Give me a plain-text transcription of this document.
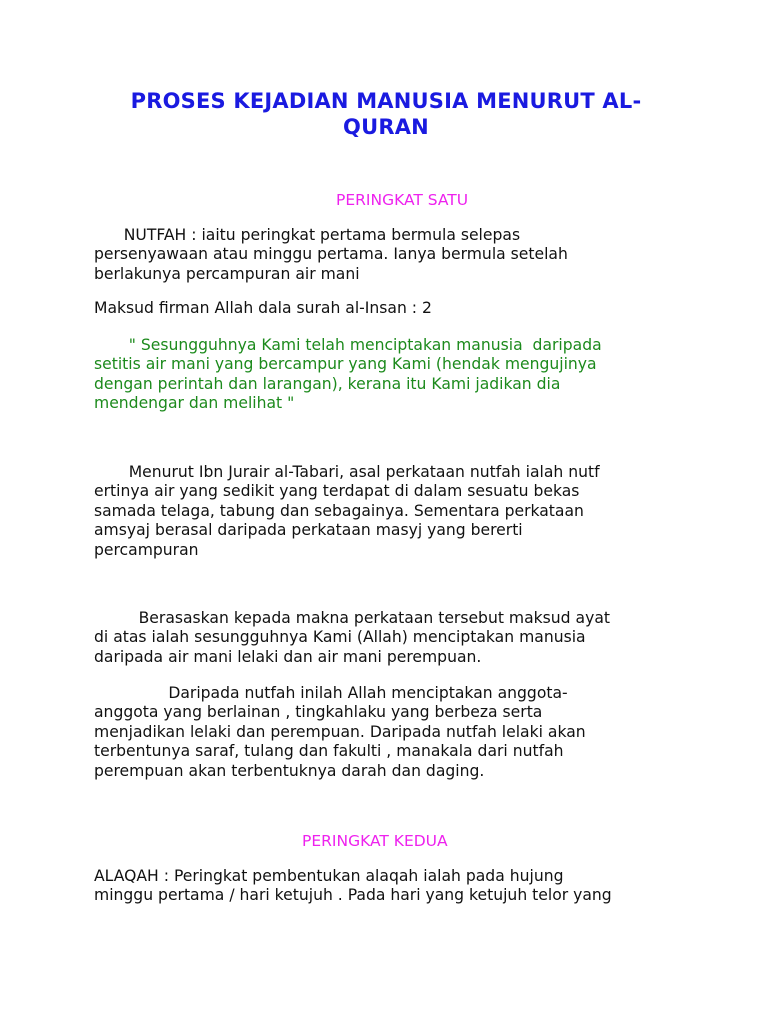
PROSES KEJADIAN MANUSIA MENURUT AL-
QURAN
PERINGKAT SATU
NUTFAH : iaitu peringkat pertama bermula selepas
persenyawaan atau minggu pertama. Ianya bermula setelah
berlakunya percampuran air mani
Maksud firman Allah dala surah al-Insan : 2
" Sesungguhnya Kami telah menciptakan manusia  daripada
setitis air mani yang bercampur yang Kami (hendak mengujinya
dengan perintah dan larangan), kerana itu Kami jadikan dia
mendengar dan melihat "
Menurut Ibn Jurair al-Tabari, asal perkataan nutfah ialah nutf
ertinya air yang sedikit yang terdapat di dalam sesuatu bekas
samada telaga, tabung dan sebagainya. Sementara perkataan
amsyaj berasal daripada perkataan masyj yang bererti
percampuran
Berasaskan kepada makna perkataan tersebut maksud ayat
di atas ialah sesungguhnya Kami (Allah) menciptakan manusia
daripada air mani lelaki dan air mani perempuan.
Daripada nutfah inilah Allah menciptakan anggota-
anggota yang berlainan , tingkahlaku yang berbeza serta
menjadikan lelaki dan perempuan. Daripada nutfah lelaki akan
terbentunya saraf, tulang dan fakulti , manakala dari nutfah
perempuan akan terbentuknya darah dan daging.
PERINGKAT KEDUA
ALAQAH : Peringkat pembentukan alaqah ialah pada hujung
minggu pertama / hari ketujuh . Pada hari yang ketujuh telor yang
